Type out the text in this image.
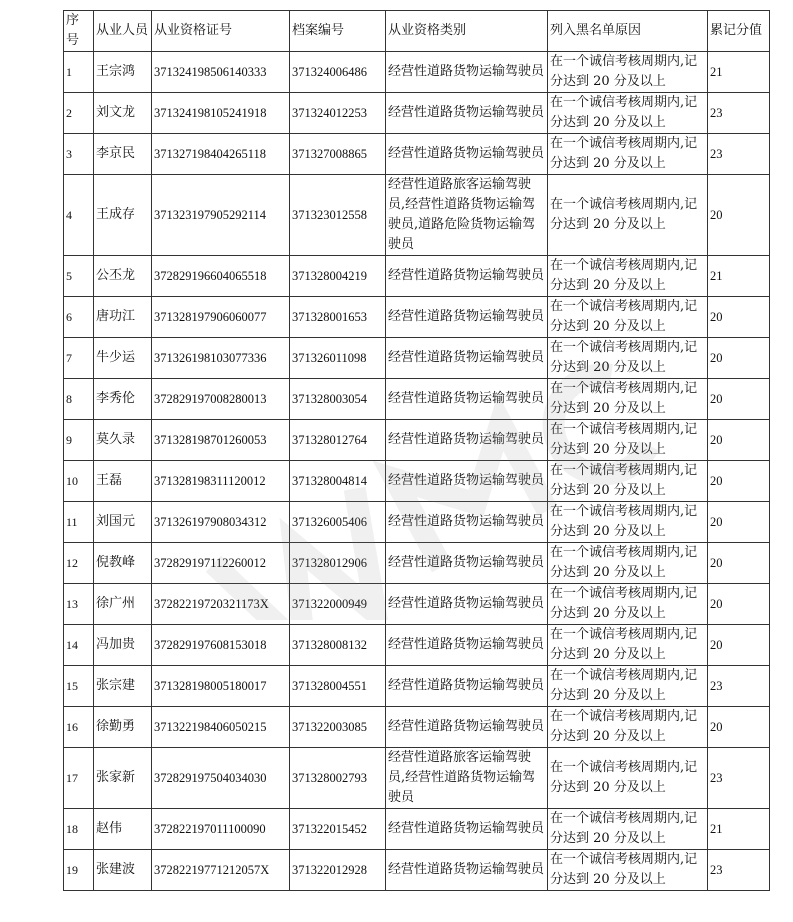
序号	从业人员	从业资格证号	档案编号	从业资格类别	列入黑名单原因	累记分值
1	王宗鸿	371324198506140333	371324006486	经营性道路货物运输驾驶员	在一个诚信考核周期内,记分达到 20 分及以上	21
2	刘文龙	371324198105241918	371324012253	经营性道路货物运输驾驶员	在一个诚信考核周期内,记分达到 20 分及以上	23
3	李京民	371327198404265118	371327008865	经营性道路货物运输驾驶员	在一个诚信考核周期内,记分达到 20 分及以上	23
4	王成存	371323197905292114	371323012558	经营性道路旅客运输驾驶员,经营性道路货物运输驾驶员,道路危险货物运输驾驶员	在一个诚信考核周期内,记分达到 20 分及以上	20
5	公丕龙	372829196604065518	371328004219	经营性道路货物运输驾驶员	在一个诚信考核周期内,记分达到 20 分及以上	21
6	唐功江	371328197906060077	371328001653	经营性道路货物运输驾驶员	在一个诚信考核周期内,记分达到 20 分及以上	20
7	牛少运	371326198103077336	371326011098	经营性道路货物运输驾驶员	在一个诚信考核周期内,记分达到 20 分及以上	20
8	李秀伦	372829197008280013	371328003054	经营性道路货物运输驾驶员	在一个诚信考核周期内,记分达到 20 分及以上	20
9	莫久录	371328198701260053	371328012764	经营性道路货物运输驾驶员	在一个诚信考核周期内,记分达到 20 分及以上	20
10	王磊	371328198311120012	371328004814	经营性道路货物运输驾驶员	在一个诚信考核周期内,记分达到 20 分及以上	20
11	刘国元	371326197908034312	371326005406	经营性道路货物运输驾驶员	在一个诚信考核周期内,记分达到 20 分及以上	20
12	倪教峰	372829197112260012	371328012906	经营性道路货物运输驾驶员	在一个诚信考核周期内,记分达到 20 分及以上	20
13	徐广州	37282219720321173X	371322000949	经营性道路货物运输驾驶员	在一个诚信考核周期内,记分达到 20 分及以上	20
14	冯加贵	372829197608153018	371328008132	经营性道路货物运输驾驶员	在一个诚信考核周期内,记分达到 20 分及以上	20
15	张宗建	371328198005180017	371328004551	经营性道路货物运输驾驶员	在一个诚信考核周期内,记分达到 20 分及以上	23
16	徐勤勇	371322198406050215	371322003085	经营性道路货物运输驾驶员	在一个诚信考核周期内,记分达到 20 分及以上	20
17	张家新	372829197504034030	371328002793	经营性道路旅客运输驾驶员,经营性道路货物运输驾驶员	在一个诚信考核周期内,记分达到 20 分及以上	23
18	赵伟	372822197011100090	371322015452	经营性道路货物运输驾驶员	在一个诚信考核周期内,记分达到 20 分及以上	21
19	张建波	37282219771212057X	371322012928	经营性道路货物运输驾驶员	在一个诚信考核周期内,记分达到 20 分及以上	23
